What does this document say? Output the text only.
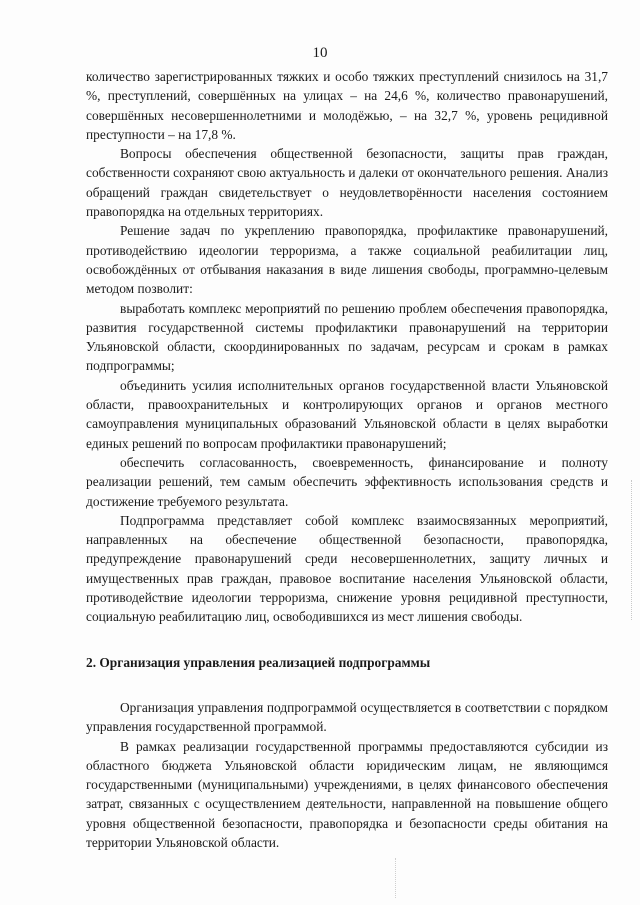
10

количество зарегистрированных тяжких и особо тяжких преступлений снизилось на 31,7 %, преступлений, совершённых на улицах – на 24,6 %, количество правонарушений, совершённых несовершеннолетними и молодёжью, – на 32,7 %, уровень рецидивной преступности – на 17,8 %.

Вопросы обеспечения общественной безопасности, защиты прав граждан, собственности сохраняют свою актуальность и далеки от окончательного решения. Анализ обращений граждан свидетельствует о неудовлетворённости населения состоянием правопорядка на отдельных территориях.

Решение задач по укреплению правопорядка, профилактике правонарушений, противодействию идеологии терроризма, а также социальной реабилитации лиц, освобождённых от отбывания наказания в виде лишения свободы, программно-целевым методом позволит:

выработать комплекс мероприятий по решению проблем обеспечения правопорядка, развития государственной системы профилактики правонарушений на территории Ульяновской области, скоординированных по задачам, ресурсам и срокам в рамках подпрограммы;

объединить усилия исполнительных органов государственной власти Ульяновской области, правоохранительных и контролирующих органов и органов местного самоуправления муниципальных образований Ульяновской области в целях выработки единых решений по вопросам профилактики правонарушений;

обеспечить согласованность, своевременность, финансирование и полноту реализации решений, тем самым обеспечить эффективность использования средств и достижение требуемого результата.

Подпрограмма представляет собой комплекс взаимосвязанных мероприятий, направленных на обеспечение общественной безопасности, правопорядка, предупреждение правонарушений среди несовершеннолетних, защиту личных и имущественных прав граждан, правовое воспитание населения Ульяновской области, противодействие идеологии терроризма, снижение уровня рецидивной преступности, социальную реабилитацию лиц, освободившихся из мест лишения свободы.

2. Организация управления реализацией подпрограммы

Организация управления подпрограммой осуществляется в соответствии с порядком управления государственной программой.

В рамках реализации государственной программы предоставляются субсидии из областного бюджета Ульяновской области юридическим лицам, не являющимся государственными (муниципальными) учреждениями, в целях финансового обеспечения затрат, связанных с осуществлением деятельности, направленной на повышение общего уровня общественной безопасности, правопорядка и безопасности среды обитания на территории Ульяновской области.
